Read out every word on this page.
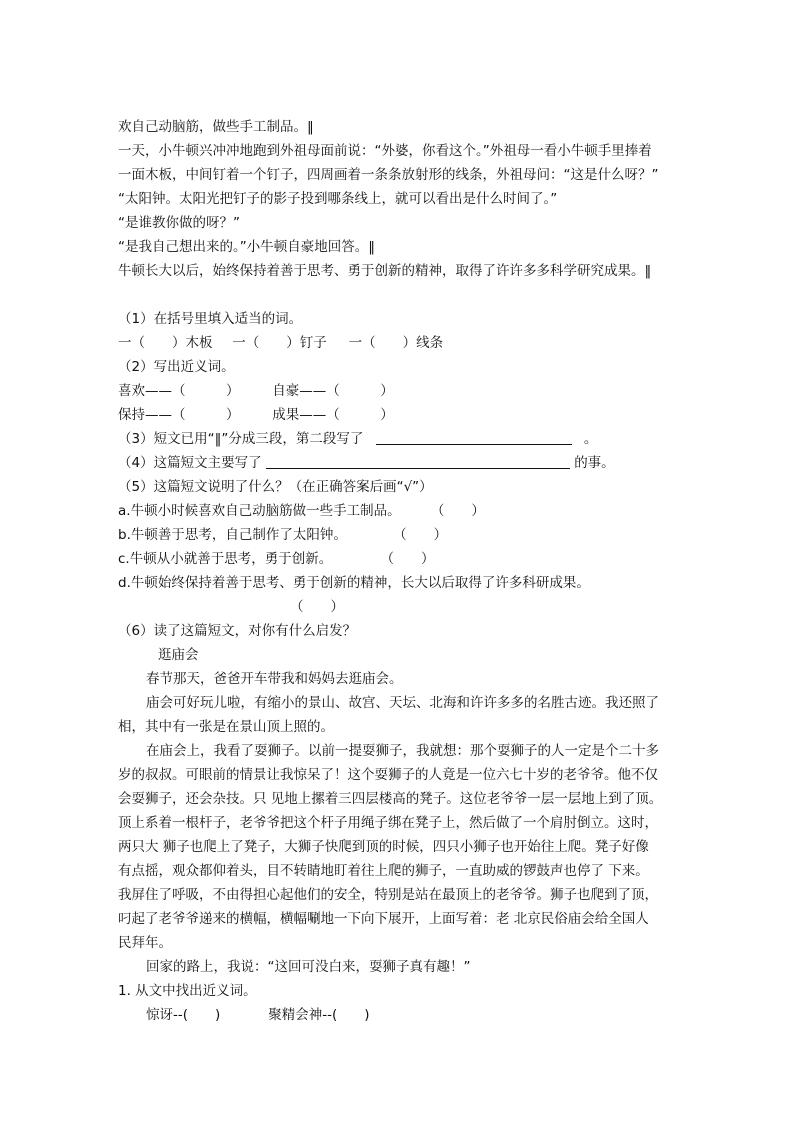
欢自己动脑筋，做些手工制品。‖
一天，小牛顿兴冲冲地跑到外祖母面前说：“外婆，你看这个。”外祖母一看小牛顿手里捧着
一面木板，中间钉着一个钉子，四周画着一条条放射形的线条，外祖母问：“这是什么呀？”
“太阳钟。太阳光把钉子的影子投到哪条线上，就可以看出是什么时间了。”
“是谁教你做的呀？”
“是我自己想出来的。”小牛顿自豪地回答。‖
牛顿长大以后，始终保持着善于思考、勇于创新的精神，取得了许许多多科学研究成果。‖
（1）在括号里填入适当的词。
一（　　）木板 一（　　）钉子 一（　　）线条
（2）写出近义词。
喜欢——（　　　） 自豪——（　　　）
保持——（　　　） 成果——（　　　）
（3）短文已用“‖”分成三段，第二段写了	。
（4）这篇短文主要写了	的事。
（5）这篇短文说明了什么？（在正确答案后画“√”）
a.牛顿小时候喜欢自己动脑筋做一些手工制品。 （　　）
b.牛顿善于思考，自己制作了太阳钟。	（　　）
c.牛顿从小就善于思考，勇于创新。	（　　）
d.牛顿始终保持着善于思考、勇于创新的精神，长大以后取得了许多科研成果。
（　　）
（6）读了这篇短文，对你有什么启发？
逛庙会
春节那天，爸爸开车带我和妈妈去逛庙会。
庙会可好玩儿啦，有缩小的景山、故宫、天坛、北海和许许多多的名胜古迹。我还照了
相，其中有一张是在景山顶上照的。
在庙会上，我看了耍狮子。以前一提耍狮子，我就想：那个耍狮子的人一定是个二十多
岁的叔叔。可眼前的情景让我惊呆了！这个耍狮子的人竟是一位六七十岁的老爷爷。他不仅
会耍狮子，还会杂技。只 见地上摞着三四层楼高的凳子。这位老爷爷一层一层地上到了顶。
顶上系着一根杆子，老爷爷把这个杆子用绳子绑在凳子上，然后做了一个肩肘倒立。这时，
两只大 狮子也爬上了凳子，大狮子快爬到顶的时候，四只小狮子也开始往上爬。凳子好像
有点摇，观众都仰着头，目不转睛地盯着往上爬的狮子，一直助威的锣鼓声也停了 下来。
我屏住了呼吸，不由得担心起他们的安全，特别是站在最顶上的老爷爷。狮子也爬到了顶，
叼起了老爷爷递来的横幅，横幅唰地一下向下展开，上面写着：老 北京民俗庙会给全国人
民拜年。
回家的路上，我说：“这回可没白来，耍狮子真有趣！”
1. 从文中找出近义词。
惊讶--(　　)	聚精会神--(　　)
